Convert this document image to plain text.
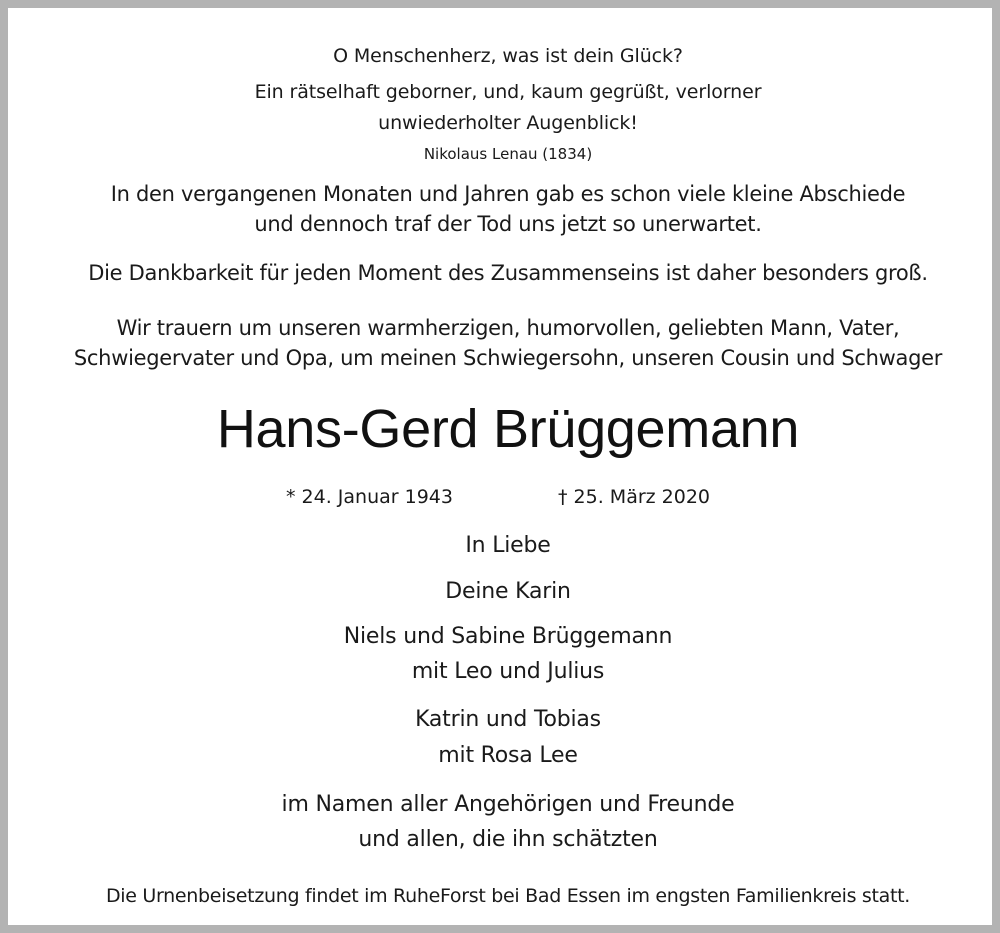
O Menschenherz, was ist dein Glück?
Ein rätselhaft geborner, und, kaum gegrüßt, verlorner
unwiederholter Augenblick!
Nikolaus Lenau (1834)
In den vergangenen Monaten und Jahren gab es schon viele kleine Abschiede
und dennoch traf der Tod uns jetzt so unerwartet.
Die Dankbarkeit für jeden Moment des Zusammenseins ist daher besonders groß.
Wir trauern um unseren warmherzigen, humorvollen, geliebten Mann, Vater,
Schwiegervater und Opa, um meinen Schwiegersohn, unseren Cousin und Schwager
Hans-Gerd Brüggemann
* 24. Januar 1943	† 25. März 2020
In Liebe
Deine Karin
Niels und Sabine Brüggemann
mit Leo und Julius
Katrin und Tobias
mit Rosa Lee
im Namen aller Angehörigen und Freunde
und allen, die ihn schätzten
Die Urnenbeisetzung findet im RuheForst bei Bad Essen im engsten Familienkreis statt.
